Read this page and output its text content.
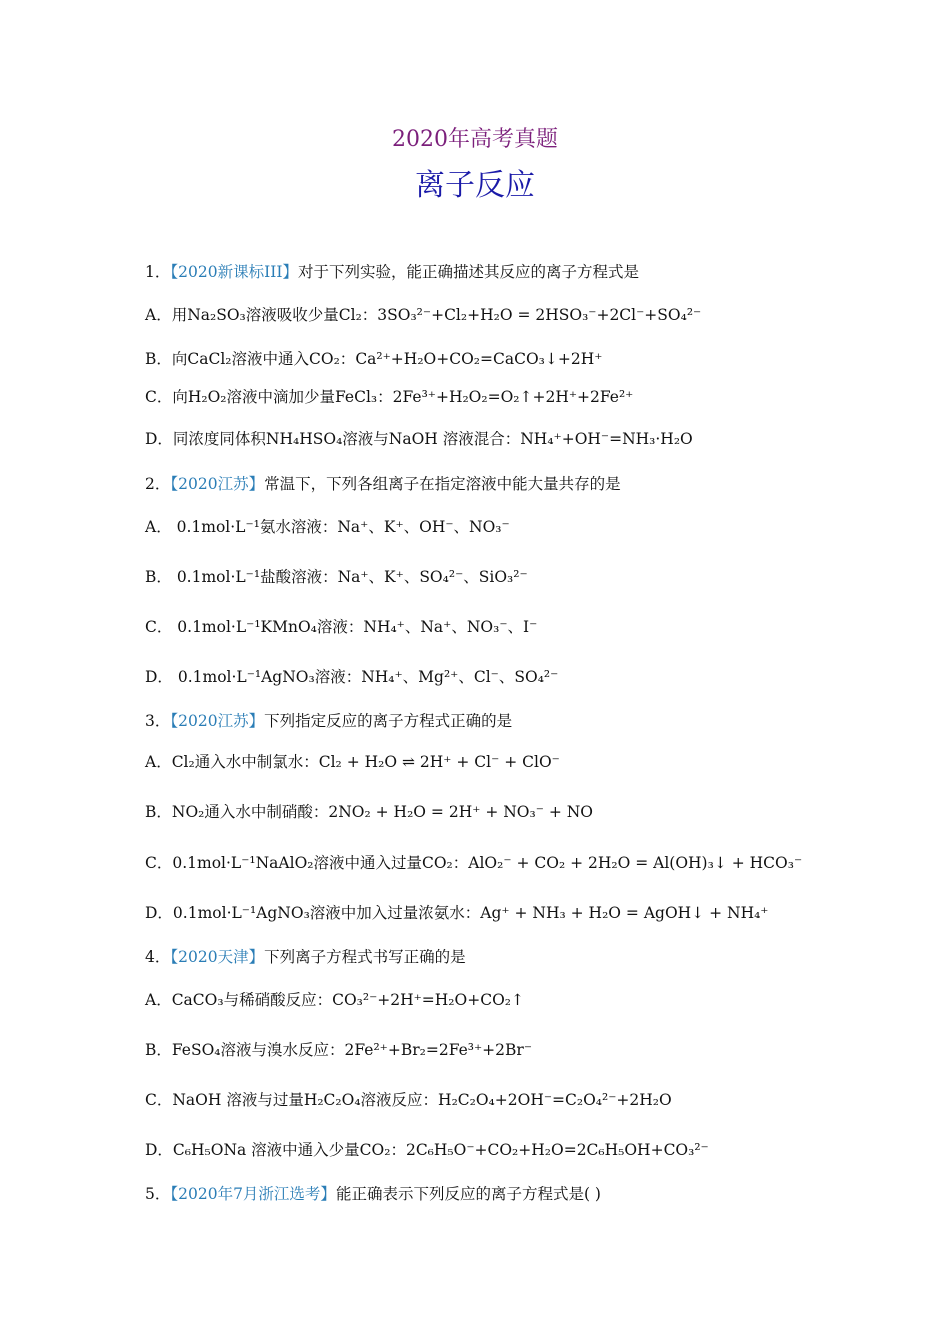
2020年高考真题
离子反应
1．【2020新课标III】对于下列实验，能正确描述其反应的离子方程式是
A．用Na₂SO₃溶液吸收少量Cl₂：3SO₃²⁻+Cl₂+H₂O = 2HSO₃⁻+2Cl⁻+SO₄²⁻
B．向CaCl₂溶液中通入CO₂：Ca²⁺+H₂O+CO₂=CaCO₃↓+2H⁺
C．向H₂O₂溶液中滴加少量FeCl₃：2Fe³⁺+H₂O₂=O₂↑+2H⁺+2Fe²⁺
D．同浓度同体积NH₄HSO₄溶液与NaOH 溶液混合：NH₄⁺+OH⁻=NH₃·H₂O
2．【2020江苏】常温下，下列各组离子在指定溶液中能大量共存的是
A． 0.1mol·L⁻¹氨水溶液：Na⁺、K⁺、OH⁻、NO₃⁻
B． 0.1mol·L⁻¹盐酸溶液：Na⁺、K⁺、SO₄²⁻、SiO₃²⁻
C． 0.1mol·L⁻¹KMnO₄溶液：NH₄⁺、Na⁺、NO₃⁻、I⁻
D． 0.1mol·L⁻¹AgNO₃溶液：NH₄⁺、Mg²⁺、Cl⁻、SO₄²⁻
3．【2020江苏】下列指定反应的离子方程式正确的是
A．Cl₂通入水中制氯水：Cl₂ + H₂O ⇌ 2H⁺ + Cl⁻ + ClO⁻
B．NO₂通入水中制硝酸：2NO₂ + H₂O = 2H⁺ + NO₃⁻ + NO
C．0.1mol·L⁻¹NaAlO₂溶液中通入过量CO₂：AlO₂⁻ + CO₂ + 2H₂O = Al(OH)₃↓ + HCO₃⁻
D．0.1mol·L⁻¹AgNO₃溶液中加入过量浓氨水：Ag⁺ + NH₃ + H₂O = AgOH↓ + NH₄⁺
4．【2020天津】下列离子方程式书写正确的是
A．CaCO₃与稀硝酸反应：CO₃²⁻+2H⁺=H₂O+CO₂↑
B．FeSO₄溶液与溴水反应：2Fe²⁺+Br₂=2Fe³⁺+2Br⁻
C．NaOH 溶液与过量H₂C₂O₄溶液反应：H₂C₂O₄+2OH⁻=C₂O₄²⁻+2H₂O
D．C₆H₅ONa 溶液中通入少量CO₂：2C₆H₅O⁻+CO₂+H₂O=2C₆H₅OH+CO₃²⁻
5．【2020年7月浙江选考】能正确表示下列反应的离子方程式是( )
